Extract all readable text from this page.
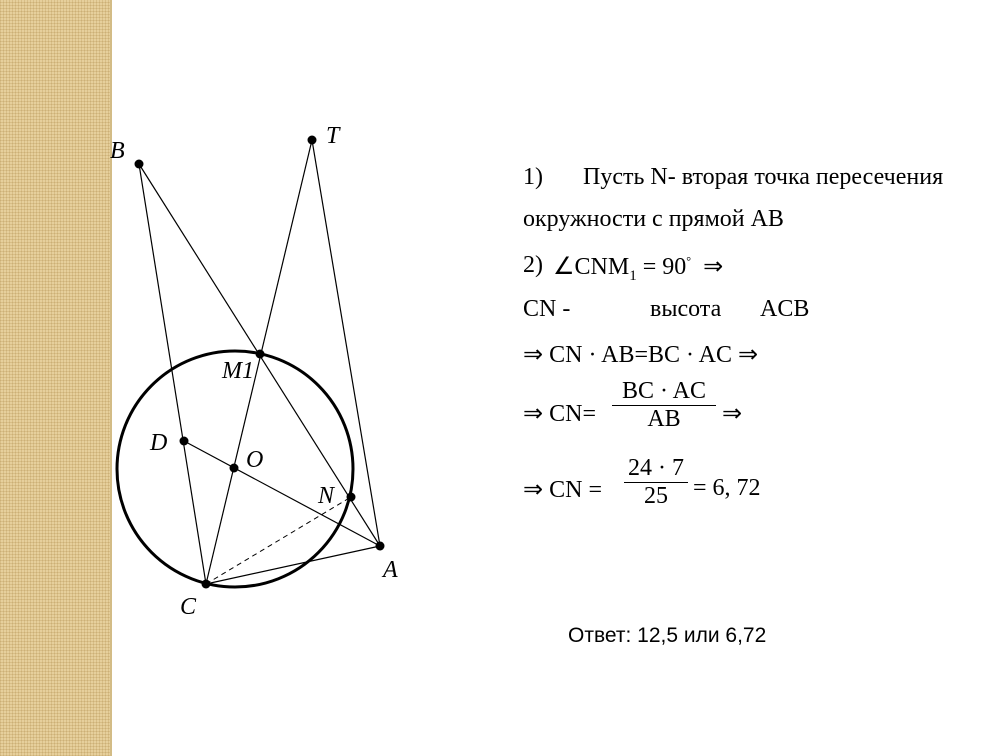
B
T
M1
D
O
N
A
C
1) Пусть N- вторая точка пересечения
окружности с прямой AB
2) $\angle CNM_1 = 90^\circ$ ⇒
CN -	высота ACB
⇒ CN · AB=BC · AC ⇒
⇒ CN=
BC · AC
AB	⇒
⇒ CN =
24 · 7
25	= 6, 72
Ответ: 12,5 или 6,72
